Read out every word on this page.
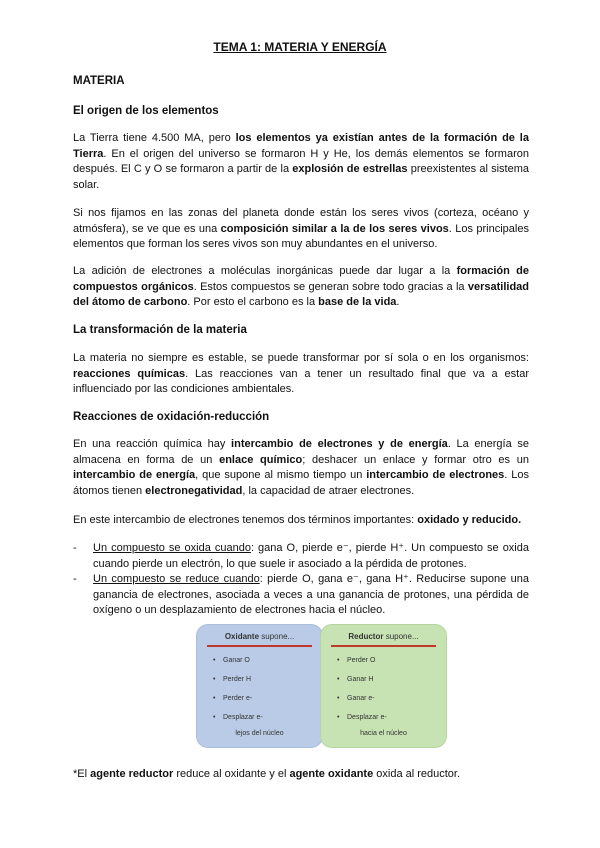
TEMA 1: MATERIA Y ENERGÍA
MATERIA
El origen de los elementos
La Tierra tiene 4.500 MA, pero los elementos ya existían antes de la formación de la Tierra. En el origen del universo se formaron H y He, los demás elementos se formaron después. El C y O se formaron a partir de la explosión de estrellas preexistentes al sistema solar.
Si nos fijamos en las zonas del planeta donde están los seres vivos (corteza, océano y atmósfera), se ve que es una composición similar a la de los seres vivos. Los principales elementos que forman los seres vivos son muy abundantes en el universo.
La adición de electrones a moléculas inorgánicas puede dar lugar a la formación de compuestos orgánicos. Estos compuestos se generan sobre todo gracias a la versatilidad del átomo de carbono. Por esto el carbono es la base de la vida.
La transformación de la materia
La materia no siempre es estable, se puede transformar por sí sola o en los organismos: reacciones químicas. Las reacciones van a tener un resultado final que va a estar influenciado por las condiciones ambientales.
Reacciones de oxidación-reducción
En una reacción química hay intercambio de electrones y de energía. La energía se almacena en forma de un enlace químico; deshacer un enlace y formar otro es un intercambio de energía, que supone al mismo tiempo un intercambio de electrones. Los átomos tienen electronegatividad, la capacidad de atraer electrones.
En este intercambio de electrones tenemos dos términos importantes: oxidado y reducido.
- Un compuesto se oxida cuando: gana O, pierde e⁻, pierde H⁺. Un compuesto se oxida cuando pierde un electrón, lo que suele ir asociado a la pérdida de protones.
- Un compuesto se reduce cuando: pierde O, gana e⁻, gana H⁺. Reducirse supone una ganancia de electrones, asociada a veces a una ganancia de protones, una pérdida de oxígeno o un desplazamiento de electrones hacia el núcleo.
Oxidante supone...
• Ganar O
• Perder H
• Perder e-
• Desplazar e-
lejos del núcleo
Reductor supone...
• Perder O
• Ganar H
• Ganar e-
• Desplazar e-
hacia el núcleo
*El agente reductor reduce al oxidante y el agente oxidante oxida al reductor.
